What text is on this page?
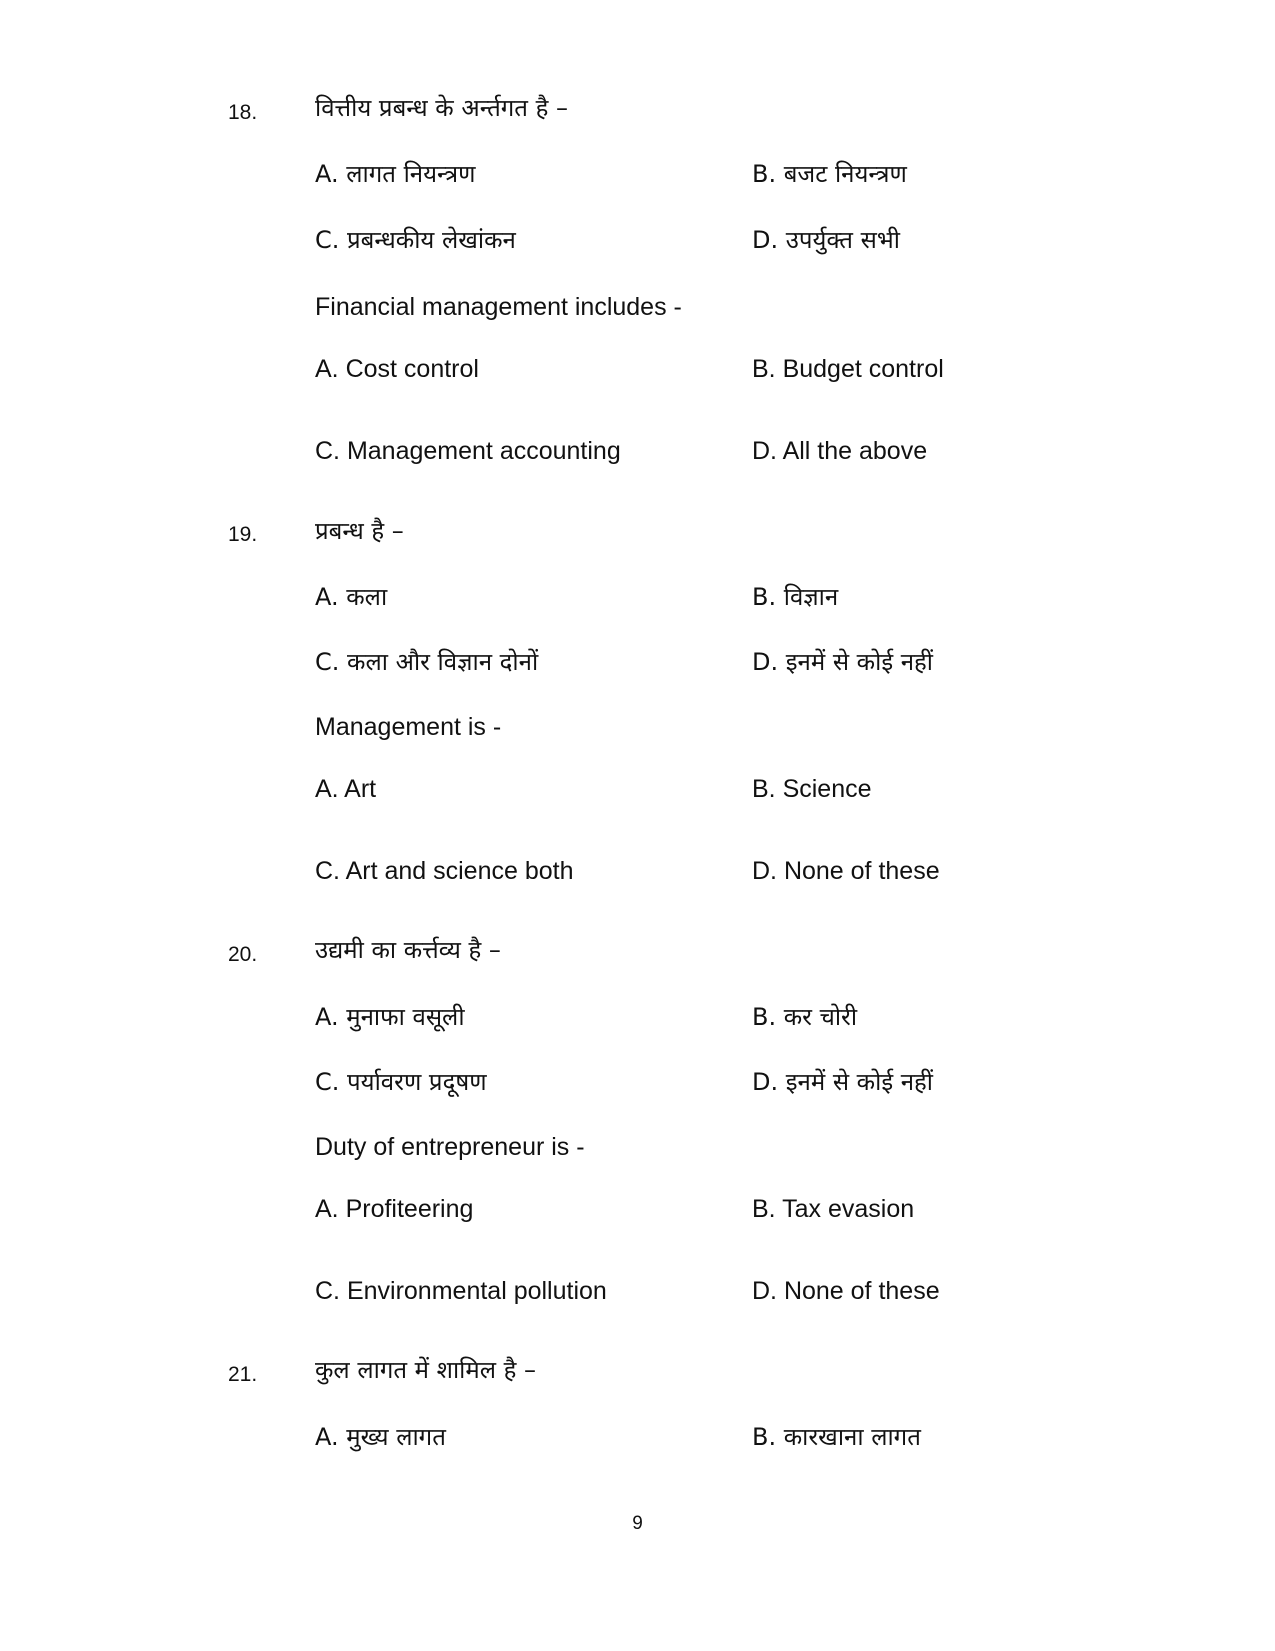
18. वित्तीय प्रबन्ध के अर्न्तगत है –
A. लागत नियन्त्रण	B. बजट नियन्त्रण
C. प्रबन्धकीय लेखांकन	D. उपर्युक्त सभी
Financial management includes -
A. Cost control	B. Budget control
C. Management accounting	D. All the above
19. प्रबन्ध है –
A. कला	B. विज्ञान
C. कला और विज्ञान दोनों	D. इनमें से कोई नहीं
Management is -
A. Art	B. Science
C. Art and science both	D. None of these
20. उद्यमी का कर्त्तव्य है –
A. मुनाफा वसूली	B. कर चोरी
C. पर्यावरण प्रदूषण	D. इनमें से कोई नहीं
Duty of entrepreneur is -
A. Profiteering	B. Tax evasion
C. Environmental pollution	D. None of these
21. कुल लागत में शामिल है –
A. मुख्य लागत	B. कारखाना लागत
9
